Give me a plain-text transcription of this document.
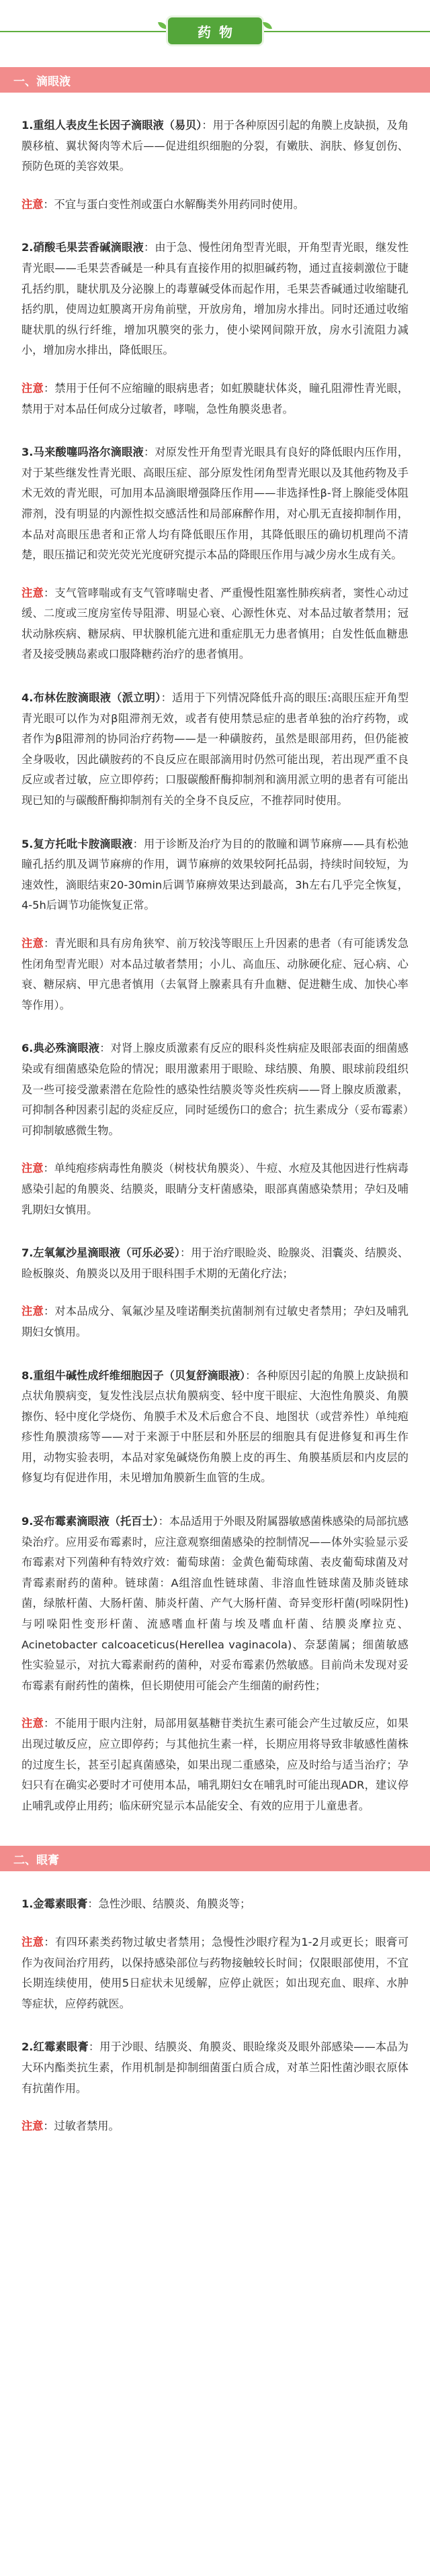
药物
一、滴眼液

1.重组人表皮生长因子滴眼液（易贝）：用于各种原因引起的角膜上皮缺损，及角膜移植、翼状胬肉等术后——促进组织细胞的分裂，有嫩肤、润肤、修复创伤、预防色斑的美容效果。

注意：不宜与蛋白变性剂或蛋白水解酶类外用药同时使用。

2.硝酸毛果芸香碱滴眼液：由于急、慢性闭角型青光眼，开角型青光眼，继发性青光眼——毛果芸香碱是一种具有直接作用的拟胆碱药物，通过直接刺激位于睫孔括约肌，睫状肌及分泌腺上的毒蕈碱受体而起作用，毛果芸香碱通过收缩睫孔括约肌，使周边虹膜离开房角前壁，开放房角，增加房水排出。同时还通过收缩睫状肌的纵行纤维，增加巩膜突的张力，使小梁网间隙开放，房水引流阻力减小，增加房水排出，降低眼压。

注意：禁用于任何不应缩瞳的眼病患者；如虹膜睫状体炎，瞳孔阻滞性青光眼，禁用于对本品任何成分过敏者，哮喘，急性角膜炎患者。

3.马来酸噻吗洛尔滴眼液：对原发性开角型青光眼具有良好的降低眼内压作用，对于某些继发性青光眼、高眼压症、部分原发性闭角型青光眼以及其他药物及手术无效的青光眼，可加用本品滴眼增强降压作用——非选择性β-肾上腺能受体阻滞剂，没有明显的内源性拟交感活性和局部麻醉作用，对心肌无直接抑制作用，本品对高眼压患者和正常人均有降低眼压作用，其降低眼压的确切机理尚不清楚，眼压描记和荧光荧光光度研究提示本品的降眼压作用与减少房水生成有关。

注意：支气管哮喘或有支气管哮喘史者、严重慢性阻塞性肺疾病者，窦性心动过缓、二度或三度房室传导阻滞、明显心衰、心源性休克、对本品过敏者禁用；冠状动脉疾病、糖尿病、甲状腺机能亢进和重症肌无力患者慎用；自发性低血糖患者及接受胰岛素或口服降糖药治疗的患者慎用。

4.布林佐胺滴眼液（派立明）：适用于下列情况降低升高的眼压:高眼压症开角型青光眼可以作为对β阻滞剂无效，或者有使用禁忌症的患者单独的治疗药物，或者作为β阻滞剂的协同治疗药物——是一种磺胺药，虽然是眼部用药，但仍能被全身吸收，因此磺胺药的不良反应在眼部滴用时仍然可能出现，若出现严重不良反应或者过敏，应立即停药；口服碳酸酐酶抑制剂和滴用派立明的患者有可能出现已知的与碳酸酐酶抑制剂有关的全身不良反应，不推荐同时使用。

5.复方托吡卡胺滴眼液：用于诊断及治疗为目的的散瞳和调节麻痹——具有松弛瞳孔括约肌及调节麻痹的作用，调节麻痹的效果较阿托品弱，持续时间较短，为速效性，滴眼结束20-30min后调节麻痹效果达到最高，3h左右几乎完全恢复，4-5h后调节功能恢复正常。

注意：青光眼和具有房角狭窄、前万较浅等眼压上升因素的患者（有可能诱发急性闭角型青光眼）对本品过敏者禁用；小儿、高血压、动脉硬化症、冠心病、心衰、糖尿病、甲亢患者慎用（去氧肾上腺素具有升血糖、促进糖生成、加快心率等作用）。

6.典必殊滴眼液：对肾上腺皮质激素有反应的眼科炎性病症及眼部表面的细菌感染或有细菌感染危险的情况；眼用激素用于眼睑、球结膜、角膜、眼球前段组织及一些可接受激素潜在危险性的感染性结膜炎等炎性疾病——肾上腺皮质激素，可抑制各种因素引起的炎症反应，同时延缓伤口的愈合；抗生素成分（妥布霉素）可抑制敏感微生物。

注意：单纯疱疹病毒性角膜炎（树枝状角膜炎）、牛痘、水痘及其他因进行性病毒感染引起的角膜炎、结膜炎，眼睛分支杆菌感染，眼部真菌感染禁用；孕妇及哺乳期妇女慎用。

7.左氧氟沙星滴眼液（可乐必妥）：用于治疗眼睑炎、睑腺炎、泪囊炎、结膜炎、睑板腺炎、角膜炎以及用于眼科围手术期的无菌化疗法；

注意：对本品成分、氧氟沙星及喹诺酮类抗菌制剂有过敏史者禁用；孕妇及哺乳期妇女慎用。

8.重组牛碱性成纤维细胞因子（贝复舒滴眼液）：各种原因引起的角膜上皮缺损和点状角膜病变，复发性浅层点状角膜病变、轻中度干眼症、大泡性角膜炎、角膜擦伤、轻中度化学烧伤、角膜手术及术后愈合不良、地图状（或营养性）单纯疱疹性角膜溃疡等——对于来源于中胚层和外胚层的细胞具有促进修复和再生作用，动物实验表明，本品对家兔碱烧伤角膜上皮的再生、角膜基质层和内皮层的修复均有促进作用，未见增加角膜新生血管的生成。

9.妥布霉素滴眼液（托百士）：本品适用于外眼及附属器敏感菌株感染的局部抗感染治疗。应用妥布霉素时，应注意观察细菌感染的控制情况——体外实验显示妥布霉素对下列菌种有特效疗效：葡萄球菌：金黄色葡萄球菌、表皮葡萄球菌及对青霉素耐药的菌种。链球菌：A组溶血性链球菌、非溶血性链球菌及肺炎链球菌，绿脓杆菌、大肠杆菌、肺炎杆菌、产气大肠杆菌、奇异变形杆菌(吲哚阴性)与吲哚阳性变形杆菌、流感嗜血杆菌与埃及嗜血杆菌、结膜炎摩拉克、Acinetobacter calcoaceticus(Herellea vaginacola)、奈瑟菌属；细菌敏感性实验显示，对抗大霉素耐药的菌种，对妥布霉素仍然敏感。目前尚未发现对妥布霉素有耐药性的菌株，但长期使用可能会产生细菌的耐药性；

注意：不能用于眼内注射，局部用氨基糖苷类抗生素可能会产生过敏反应，如果出现过敏反应，应立即停药；与其他抗生素一样，长期应用将导致非敏感性菌株的过度生长，甚至引起真菌感染，如果出现二重感染，应及时给与适当治疗；孕妇只有在确实必要时才可使用本品，哺乳期妇女在哺乳时可能出现ADR，建议停止哺乳或停止用药；临床研究显示本品能安全、有效的应用于儿童患者。

二、眼膏

1.金霉素眼膏：急性沙眼、结膜炎、角膜炎等；

注意：有四环素类药物过敏史者禁用；急慢性沙眼疗程为1-2月或更长；眼膏可作为夜间治疗用药，以保持感染部位与药物接触较长时间；仅限眼部使用，不宜长期连续使用，使用5日症状未见缓解，应停止就医；如出现充血、眼痒、水肿等症状，应停药就医。

2.红霉素眼膏：用于沙眼、结膜炎、角膜炎、眼睑缘炎及眼外部感染——本品为大环内酯类抗生素，作用机制是抑制细菌蛋白质合成，对革兰阳性菌沙眼衣原体有抗菌作用。

注意：过敏者禁用。
